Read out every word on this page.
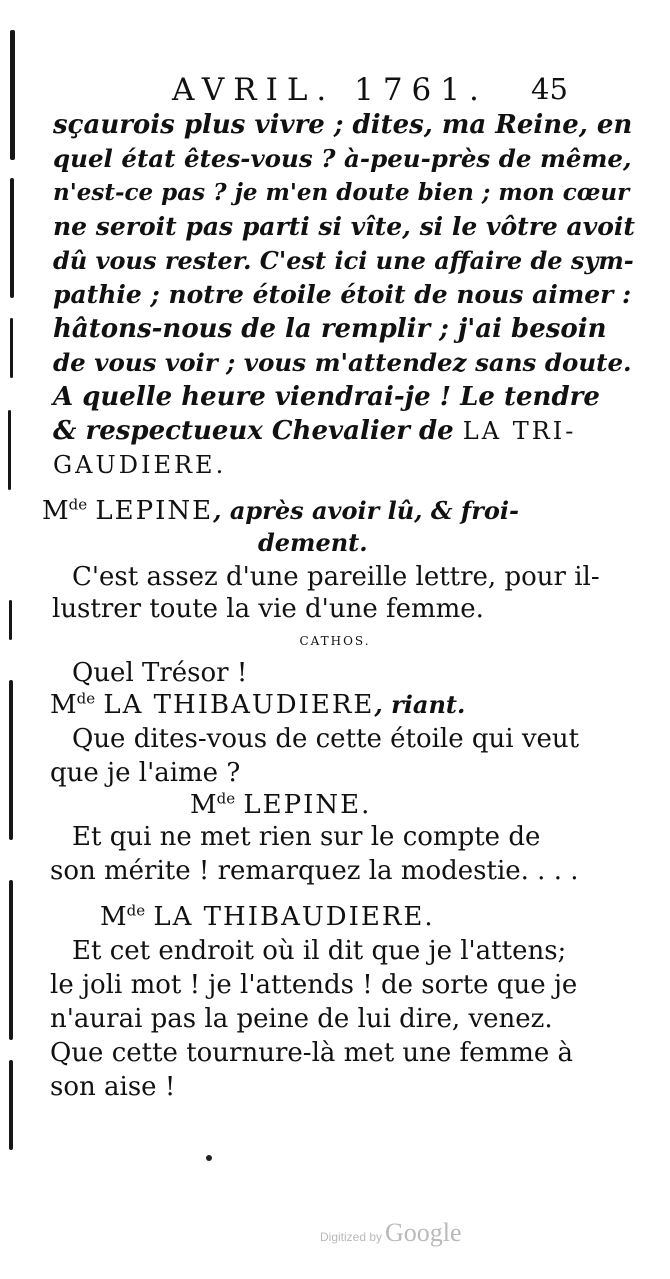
AVRIL. 1761. 45
sçaurois plus vivre ; dites, ma Reine, en
quel état êtes-vous ? à-peu-près de même,
n'est-ce pas ? je m'en doute bien ; mon cœur
ne seroit pas parti si vîte, si le vôtre avoit
dû vous rester. C'est ici une affaire de sym-
pathie ; notre étoile étoit de nous aimer :
hâtons-nous de la remplir ; j'ai besoin
de vous voir ; vous m'attendez sans doute.
A quelle heure viendrai-je ! Le tendre
& respectueux Chevalier de LA TRI-
GAUDIERE.
Mde LEPINE, après avoir lû, & froi-
dement.
C'est assez d'une pareille lettre, pour il-
lustrer toute la vie d'une femme.
CATHOS.
Quel Trésor !
Mde LA THIBAUDIERE, riant.
Que dites-vous de cette étoile qui veut
que je l'aime ?
Mde LEPINE.
Et qui ne met rien sur le compte de
son mérite ! remarquez la modestie. . . .
Mde LA THIBAUDIERE.
Et cet endroit où il dit que je l'attens;
le joli mot ! je l'attends ! de sorte que je
n'aurai pas la peine de lui dire, venez.
Que cette tournure-là met une femme à
son aise !
Digitized by Google
